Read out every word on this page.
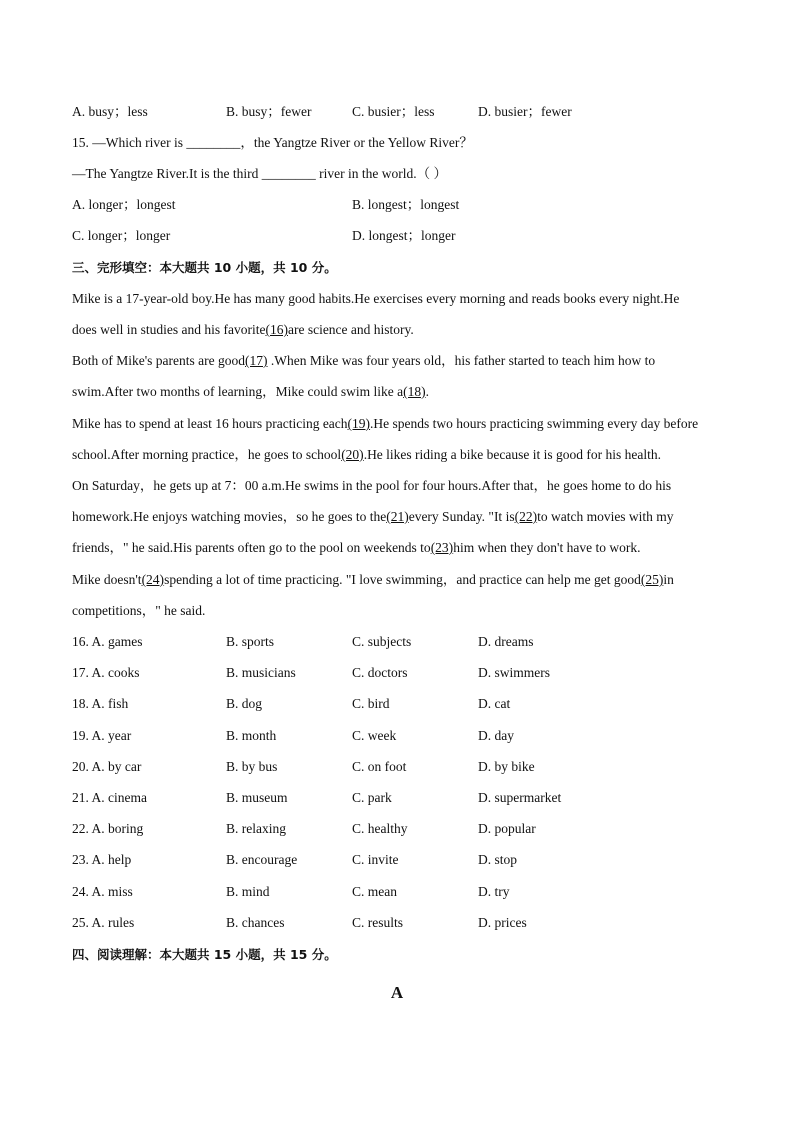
A. busy；less	B. busy；fewer	C. busier；less	D. busier；fewer
15. —Which river is ________，the Yangtze River or the Yellow River？
—The Yangtze River.It is the third ________ river in the world.（ ）
A. longer；longest	B. longest；longest
C. longer；longer	D. longest；longer
三、完形填空：本大题共 10 小题，共 10 分。
Mike is a 17-year-old boy.He has many good habits.He exercises every morning and reads books every night.He
does well in studies and his favorite(16)are science and history.
Both of Mike's parents are good(17) .When Mike was four years old，his father started to teach him how to
swim.After two months of learning，Mike could swim like a(18).
Mike has to spend at least 16 hours practicing each(19).He spends two hours practicing swimming every day before
school.After morning practice，he goes to school(20).He likes riding a bike because it is good for his health.
On Saturday，he gets up at 7：00 a.m.He swims in the pool for four hours.After that，he goes home to do his
homework.He enjoys watching movies，so he goes to the(21)every Sunday. "It is(22)to watch movies with my
friends，" he said.His parents often go to the pool on weekends to(23)him when they don't have to work.
Mike doesn't(24)spending a lot of time practicing. "I love swimming，and practice can help me get good(25)in
competitions，" he said.
16. A. games	B. sports	C. subjects	D. dreams
17. A. cooks	B. musicians	C. doctors	D. swimmers
18. A. fish	B. dog	C. bird	D. cat
19. A. year	B. month	C. week	D. day
20. A. by car	B. by bus	C. on foot	D. by bike
21. A. cinema	B. museum	C. park	D. supermarket
22. A. boring	B. relaxing	C. healthy	D. popular
23. A. help	B. encourage	C. invite	D. stop
24. A. miss	B. mind	C. mean	D. try
25. A. rules	B. chances	C. results	D. prices
四、阅读理解：本大题共 15 小题，共 15 分。
A
